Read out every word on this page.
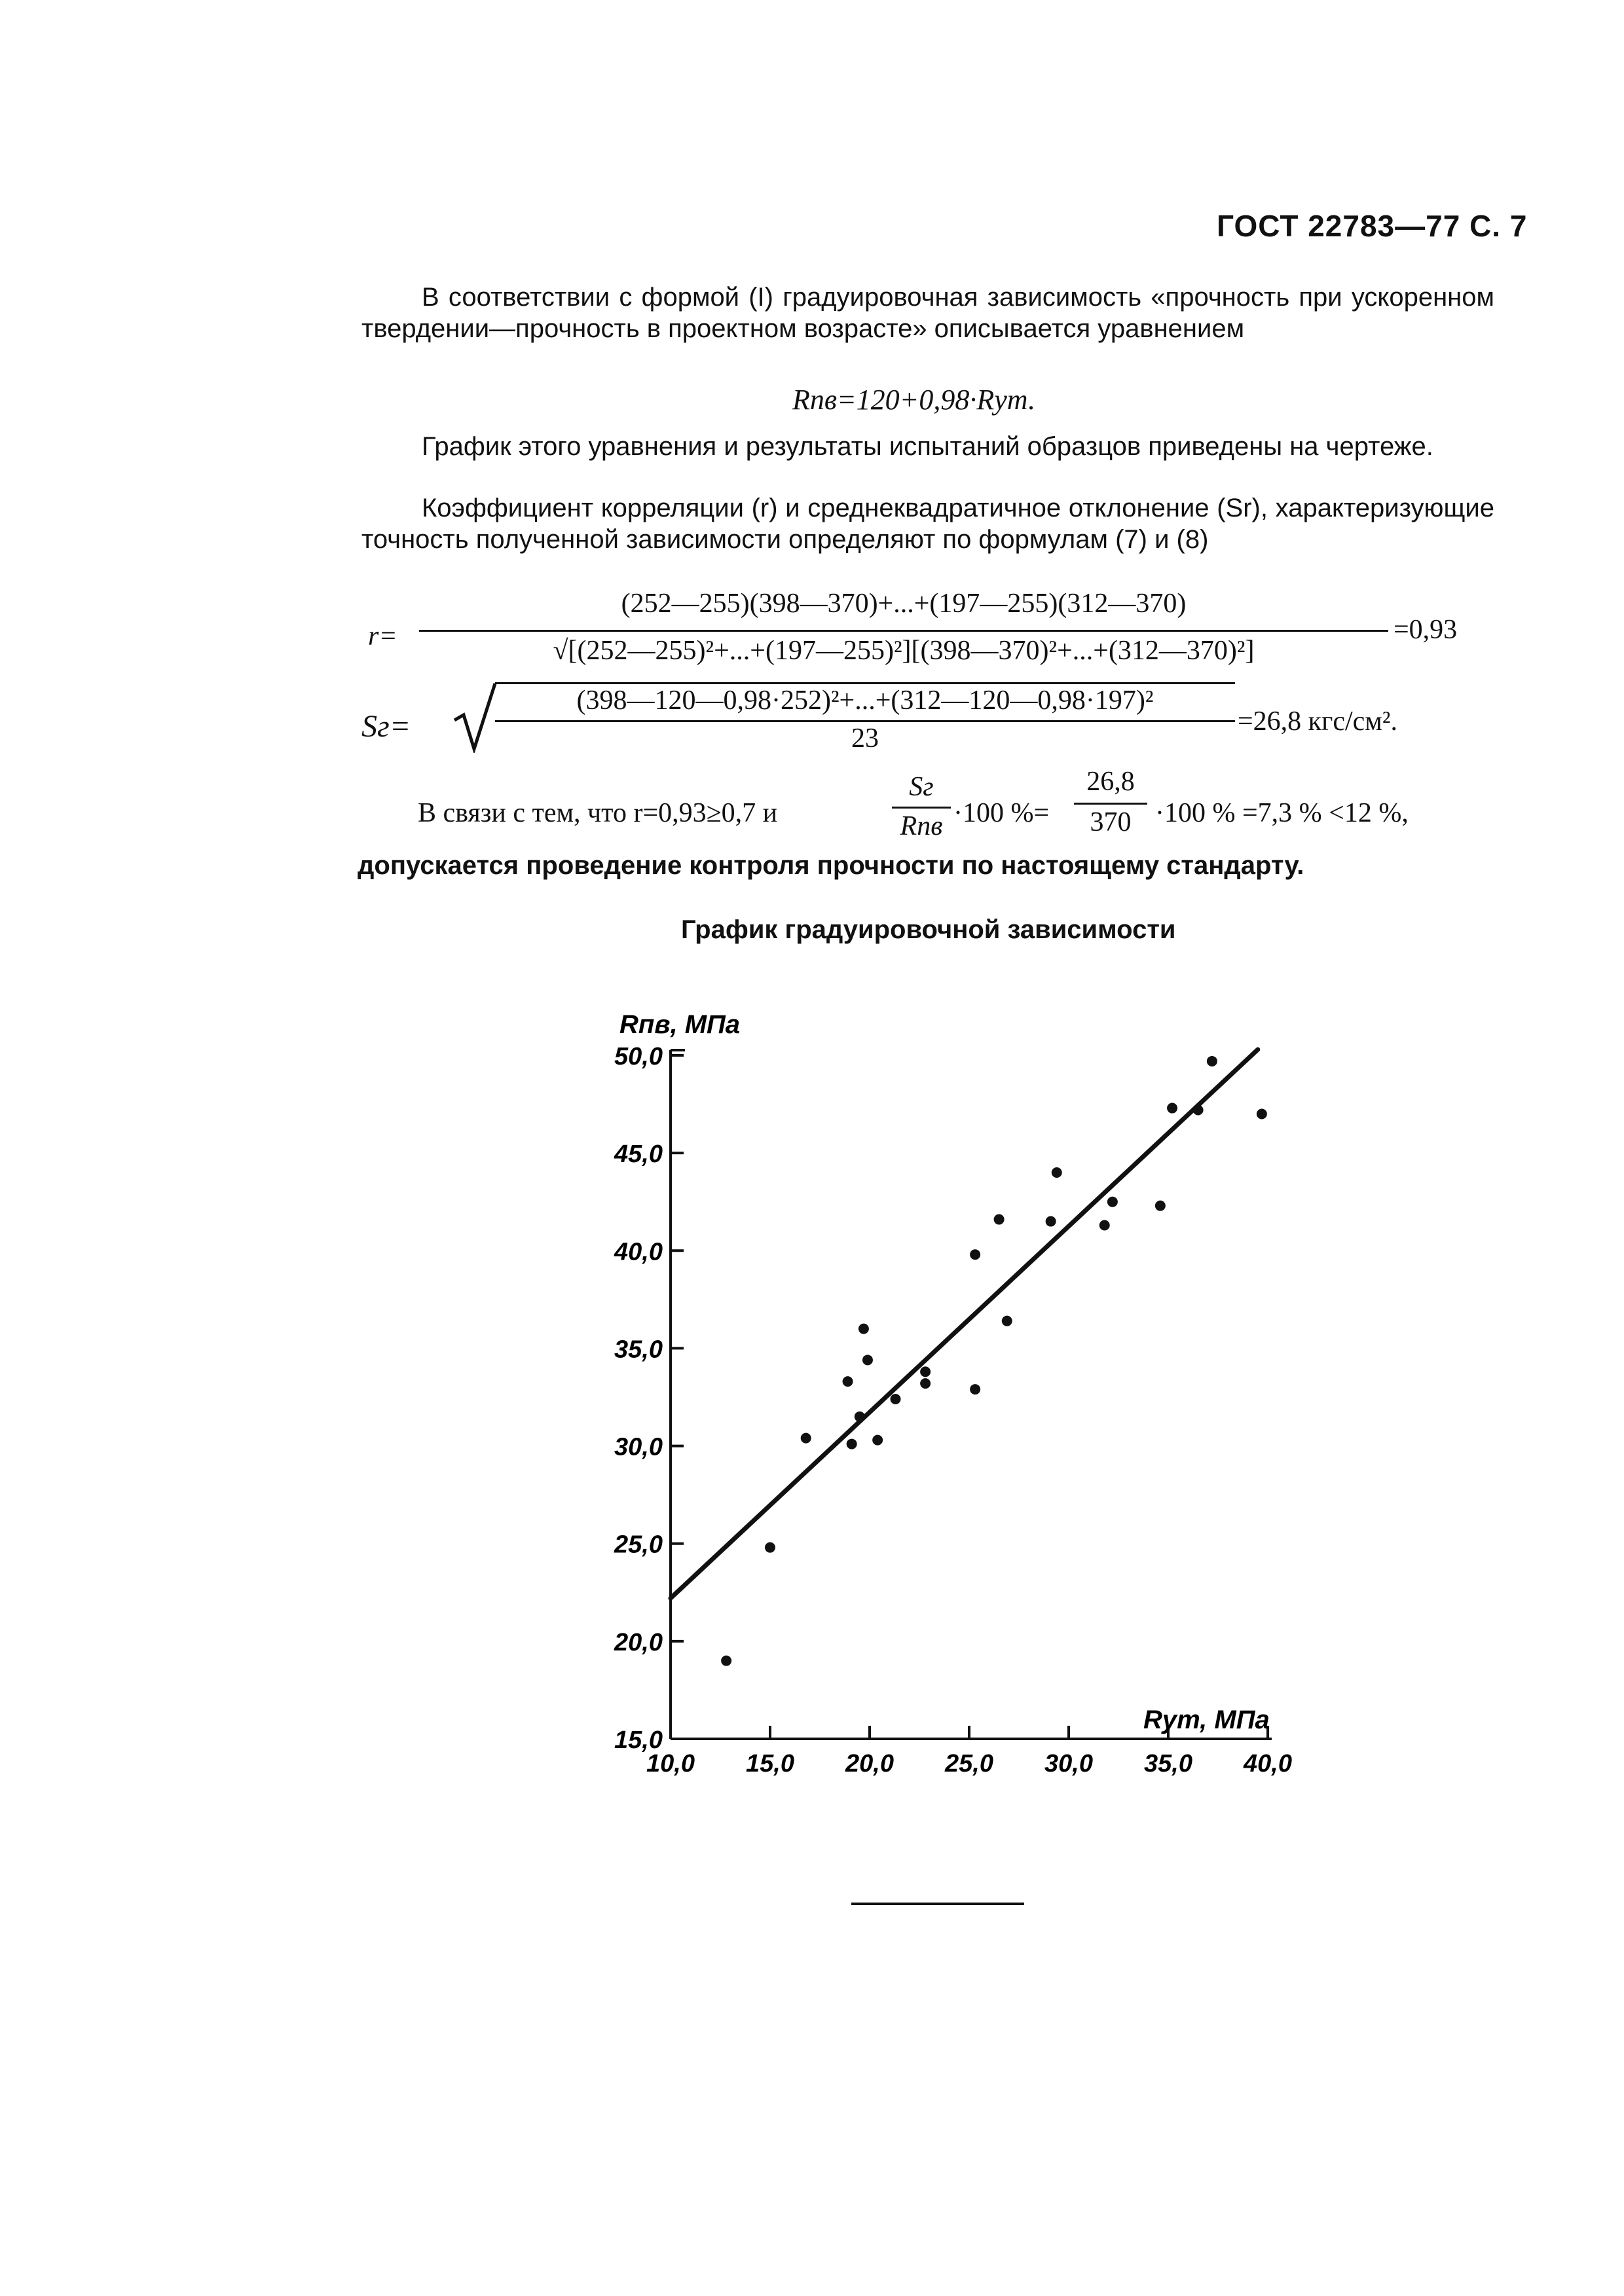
ГОСТ 22783—77 С. 7
В соответствии с формой (I) градуировочная зависимость «прочность при ускоренном твердении—прочность в проектном возрасте» описывается уравнением
Rпв=120+0,98·Rут.
График этого уравнения и результаты испытаний образцов приведены на чертеже.
Коэффициент корреляции (r) и среднеквадратичное отклонение (Sr), характеризующие точность полученной зависимости определяют по формулам (7) и (8)
r=
(252—255)(398—370)+...+(197—255)(312—370)
√[(252—255)²+...+(197—255)²][(398—370)²+...+(312—370)²]
=0,93
Sг=
(398—120—0,98·252)²+...+(312—120—0,98·197)²
23
=26,8 кгс/см².
В связи с тем, что r=0,93≥0,7 и
Sг
Rпв ·100 %=
26,8
370 ·100 % =7,3 % <12 %,
допускается проведение контроля прочности по настоящему стандарту.
График градуировочной зависимости
10,0 15,0 20,0 25,0 30,0 35,0 40,0
15,0
20,0
25,0
30,0
35,0
40,0
45,0
50,0
Rпв, МПа
Rут, МПа
